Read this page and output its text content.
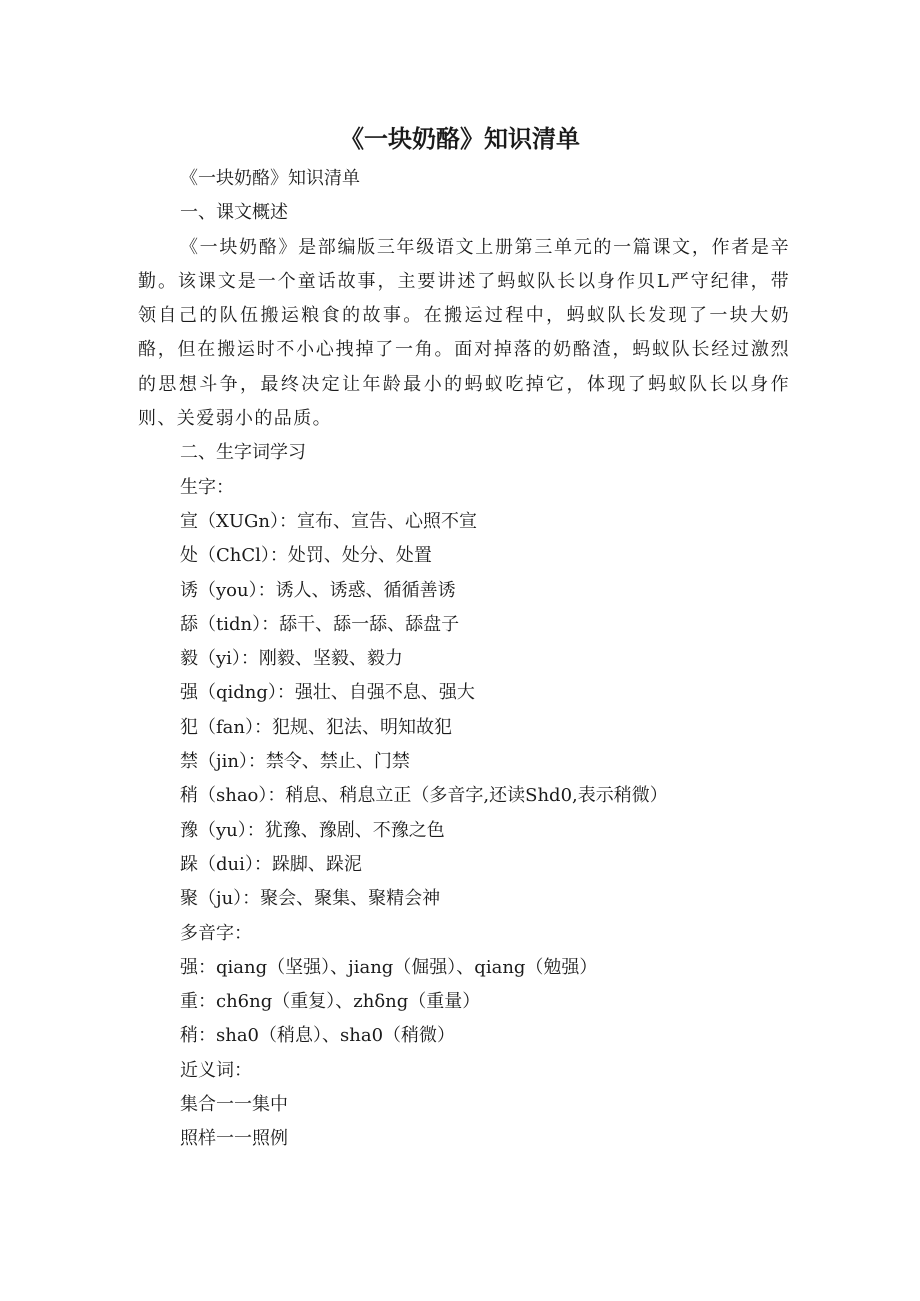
《一块奶酪》知识清单

《一块奶酪》知识清单

一、课文概述

《一块奶酪》是部编版三年级语文上册第三单元的一篇课文，作者是辛勤。该课文是一个童话故事，主要讲述了蚂蚁队长以身作贝L严守纪律，带领自己的队伍搬运粮食的故事。在搬运过程中，蚂蚁队长发现了一块大奶酪，但在搬运时不小心拽掉了一角。面对掉落的奶酪渣，蚂蚁队长经过激烈的思想斗争，最终决定让年龄最小的蚂蚁吃掉它，体现了蚂蚁队长以身作则、关爱弱小的品质。

二、生字词学习

生字：

宣（XUGn）：宣布、宣告、心照不宣

处（ChCl）：处罚、处分、处置

诱（you）：诱人、诱惑、循循善诱

舔（tidn）：舔干、舔一舔、舔盘子

毅（yi）：刚毅、坚毅、毅力

强（qidng）：强壮、自强不息、强大

犯（fan）：犯规、犯法、明知故犯

禁（jin）：禁令、禁止、门禁

稍（shao）：稍息、稍息立正（多音字,还读Shd0,表示稍微）

豫（yu）：犹豫、豫剧、不豫之色

跺（dui）：跺脚、跺泥

聚（ju）：聚会、聚集、聚精会神

多音字：

强：qiang（坚强）、jiang（倔强）、qiang（勉强）

重：ch6ng（重复）、zhδng（重量）

稍：sha0（稍息）、sha0（稍微）

近义词：

集合一一集中

照样一一照例
